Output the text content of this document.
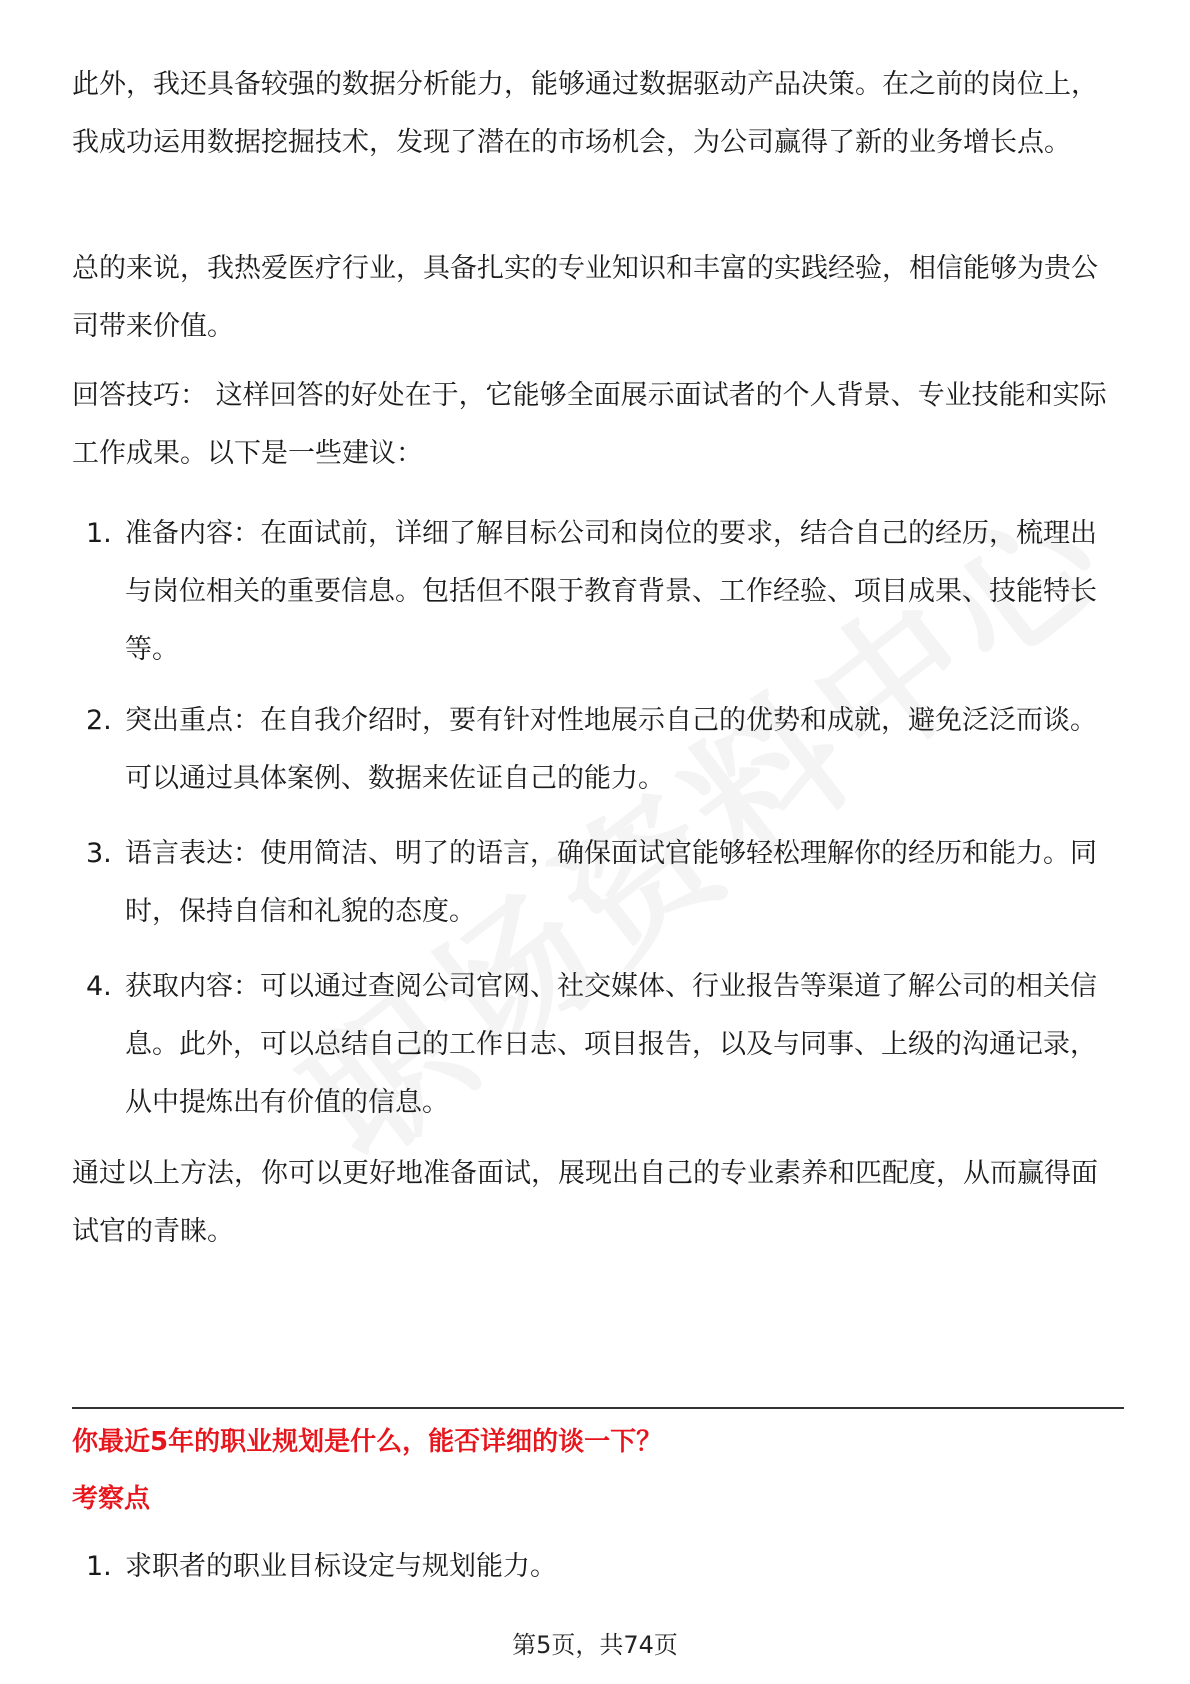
此外，我还具备较强的数据分析能力，能够通过数据驱动产品决策。在之前的岗位上，我成功运用数据挖掘技术，发现了潜在的市场机会，为公司赢得了新的业务增长点。

总的来说，我热爱医疗行业，具备扎实的专业知识和丰富的实践经验，相信能够为贵公司带来价值。

回答技巧： 这样回答的好处在于，它能够全面展示面试者的个人背景、专业技能和实际工作成果。以下是一些建议：

1. 准备内容：在面试前，详细了解目标公司和岗位的要求，结合自己的经历，梳理出与岗位相关的重要信息。包括但不限于教育背景、工作经验、项目成果、技能特长等。

2. 突出重点：在自我介绍时，要有针对性地展示自己的优势和成就，避免泛泛而谈。可以通过具体案例、数据来佐证自己的能力。

3. 语言表达：使用简洁、明了的语言，确保面试官能够轻松理解你的经历和能力。同时，保持自信和礼貌的态度。

4. 获取内容：可以通过查阅公司官网、社交媒体、行业报告等渠道了解公司的相关信息。此外，可以总结自己的工作日志、项目报告，以及与同事、上级的沟通记录，从中提炼出有价值的信息。

通过以上方法，你可以更好地准备面试，展现出自己的专业素养和匹配度，从而赢得面试官的青睐。

你最近5年的职业规划是什么，能否详细的谈一下？
考察点
1. 求职者的职业目标设定与规划能力。

第5页，共74页
